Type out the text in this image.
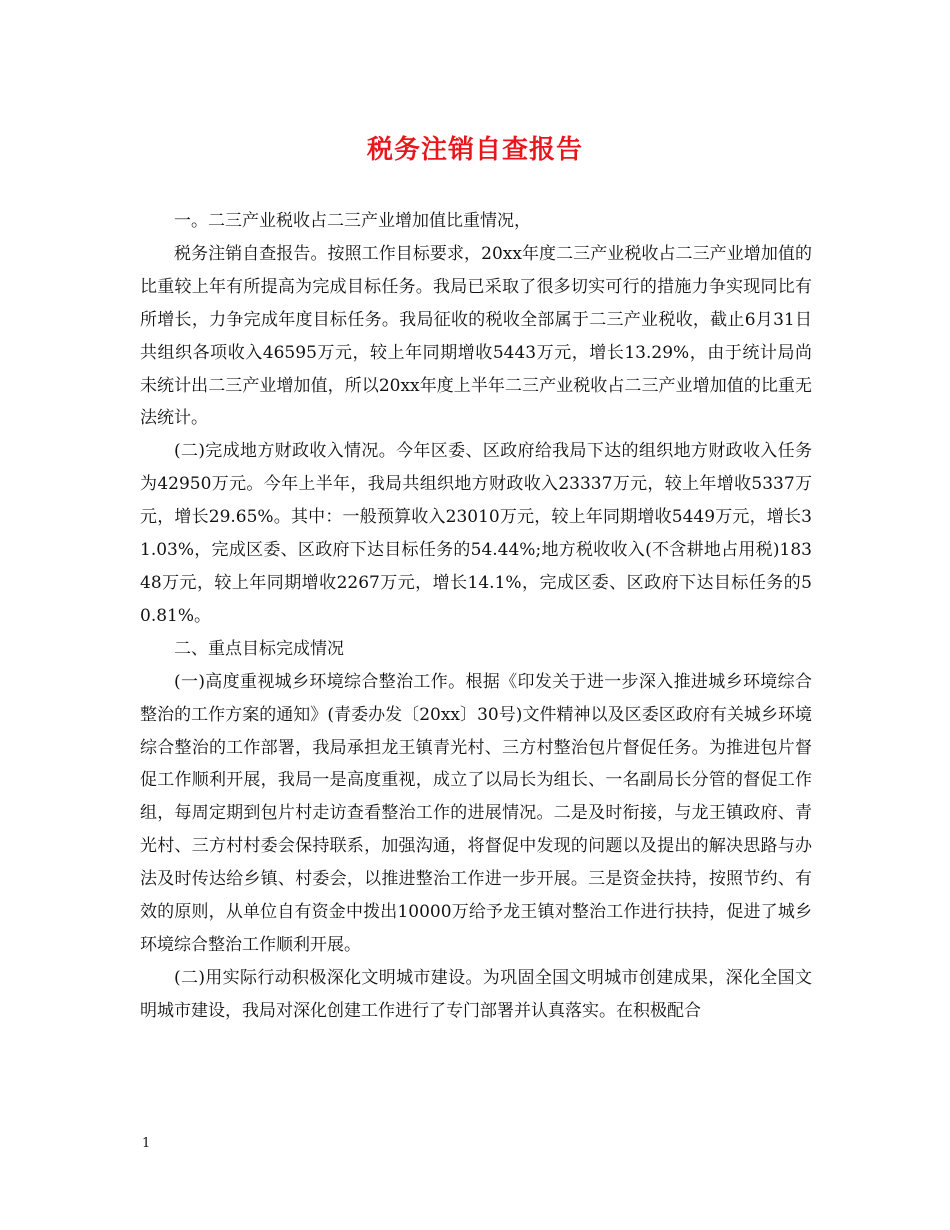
税务注销自查报告

一。二三产业税收占二三产业增加值比重情况，

税务注销自查报告。按照工作目标要求，20xx年度二三产业税收占二三产业增加值的比重较上年有所提高为完成目标任务。我局已采取了很多切实可行的措施力争实现同比有所增长，力争完成年度目标任务。我局征收的税收全部属于二三产业税收，截止6月31日共组织各项收入46595万元，较上年同期增收5443万元，增长13.29%，由于统计局尚未统计出二三产业增加值，所以20xx年度上半年二三产业税收占二三产业增加值的比重无法统计。

(二)完成地方财政收入情况。今年区委、区政府给我局下达的组织地方财政收入任务为42950万元。今年上半年，我局共组织地方财政收入23337万元，较上年增收5337万元，增长29.65%。其中：一般预算收入23010万元，较上年同期增收5449万元，增长31.03%，完成区委、区政府下达目标任务的54.44%;地方税收收入(不含耕地占用税)18348万元，较上年同期增收2267万元，增长14.1%，完成区委、区政府下达目标任务的50.81%。

二、重点目标完成情况

(一)高度重视城乡环境综合整治工作。根据《印发关于进一步深入推进城乡环境综合整治的工作方案的通知》(青委办发〔20xx〕30号)文件精神以及区委区政府有关城乡环境综合整治的工作部署，我局承担龙王镇青光村、三方村整治包片督促任务。为推进包片督促工作顺利开展，我局一是高度重视，成立了以局长为组长、一名副局长分管的督促工作组，每周定期到包片村走访查看整治工作的进展情况。二是及时衔接，与龙王镇政府、青光村、三方村村委会保持联系，加强沟通，将督促中发现的问题以及提出的解决思路与办法及时传达给乡镇、村委会，以推进整治工作进一步开展。三是资金扶持，按照节约、有效的原则，从单位自有资金中拨出10000万给予龙王镇对整治工作进行扶持，促进了城乡环境综合整治工作顺利开展。

(二)用实际行动积极深化文明城市建设。为巩固全国文明城市创建成果，深化全国文明城市建设，我局对深化创建工作进行了专门部署并认真落实。在积极配合

1
